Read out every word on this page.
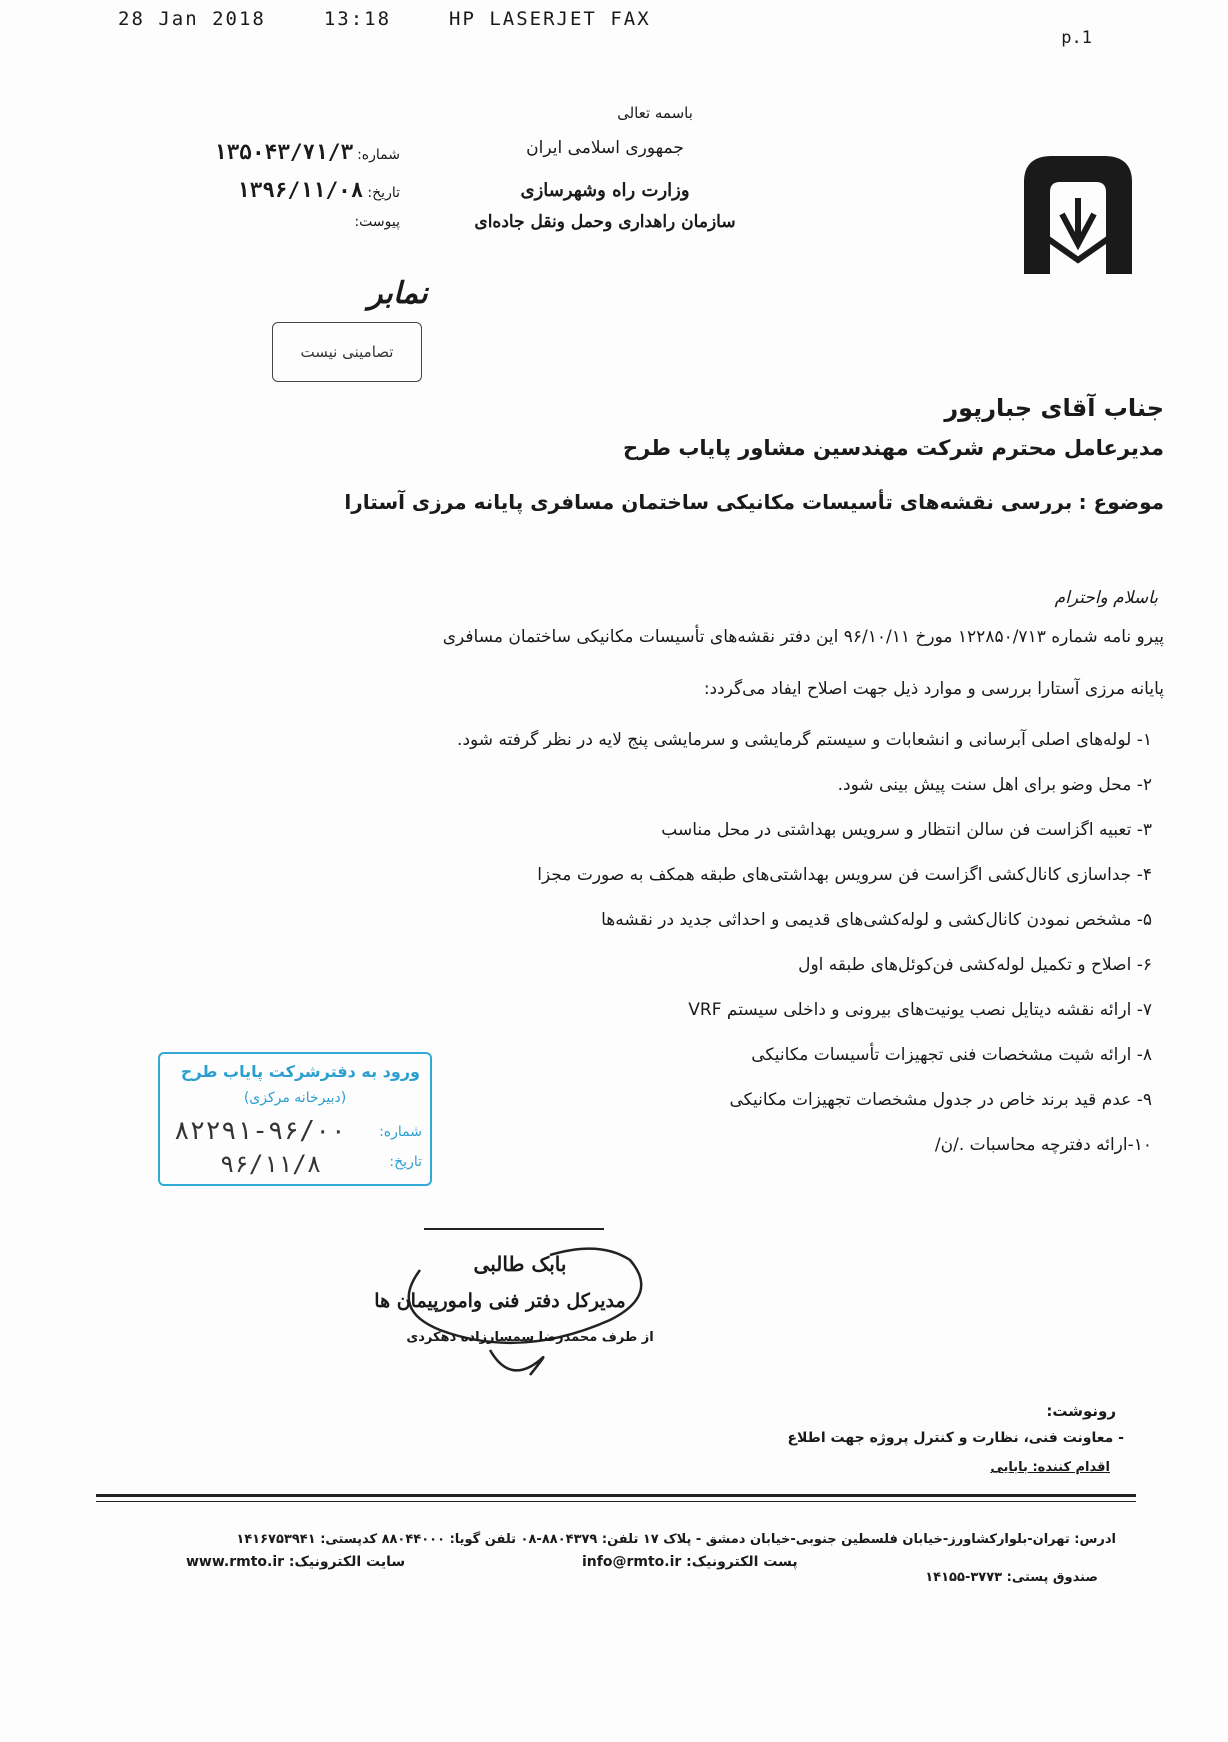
28 Jan 2018	13:18	HP LASERJET FAX
p.1
باسمه تعالی
جمهوری اسلامی ایران
وزارت راه وشهرسازی
سازمان راهداری وحمل ونقل جاده‌ای
شماره:۱۳۵۰۴۳/۷۱/۳
تاریخ:۱۳۹۶/۱۱/۰۸
پیوست:
نمابر
تصامینی نیست
جناب آقای جبارپور
مدیرعامل محترم شرکت مهندسین مشاور پایاب طرح
موضوع : بررسی نقشه‌های تأسیسات مکانیکی ساختمان مسافری پایانه مرزی آستارا
باسلام واحترام
پیرو نامه شماره ۱۲۲۸۵۰/۷۱۳ مورخ ۹۶/۱۰/۱۱ این دفتر نقشه‌های تأسیسات مکانیکی ساختمان مسافری
پایانه مرزی آستارا بررسی و موارد ذیل جهت اصلاح ایفاد می‌گردد:
۱- لوله‌های اصلی آبرسانی و انشعابات و سیستم گرمایشی و سرمایشی پنج لایه در نظر گرفته شود.
۲- محل وضو برای اهل سنت پیش بینی شود.
۳- تعبیه اگزاست فن سالن انتظار و سرویس بهداشتی در محل مناسب
۴- جداسازی کانال‌کشی اگزاست فن سرویس بهداشتی‌های طبقه همکف به صورت مجزا
۵- مشخص نمودن کانال‌کشی و لوله‌کشی‌های قدیمی و احداثی جدید در نقشه‌ها
۶- اصلاح و تکمیل لوله‌کشی فن‌کوئل‌های طبقه اول
۷- ارائه نقشه دیتایل نصب یونیت‌های بیرونی و داخلی سیستم VRF
۸- ارائه شیت مشخصات فنی تجهیزات تأسیسات مکانیکی
۹- عدم قید برند خاص در جدول مشخصات تجهیزات مکانیکی
۱۰-ارائه دفترچه محاسبات ./ن/
ورود به دفترشرکت پایاب طرح
(دبیرخانه مرکزی)
شماره:
تاریخ:
۸۲۲۹۱-۹۶/۰۰
۹۶/۱۱/۸
بابک طالبی
مدیرکل دفتر فنی وامورپیمان ها
از طرف محمدرضا سمسارزاده دهکردی
رونوشت:
- معاونت فنی، نظارت و کنترل پروژه جهت اطلاع
اقدام کننده: بابایی
ادرس: تهران-بلوارکشاورز-خیابان فلسطین جنوبی-خیابان دمشق - پلاک ۱۷ تلفن: ۸۸۰۴۳۷۹-۰۸ تلفن گویا: ۸۸۰۴۴۰۰۰ کدپستی: ۱۴۱۶۷۵۳۹۴۱
صندوق پستی: ۳۷۷۳-۱۴۱۵۵
پست الکترونیک: info@rmto.ir
سایت الکترونیک: www.rmto.ir
